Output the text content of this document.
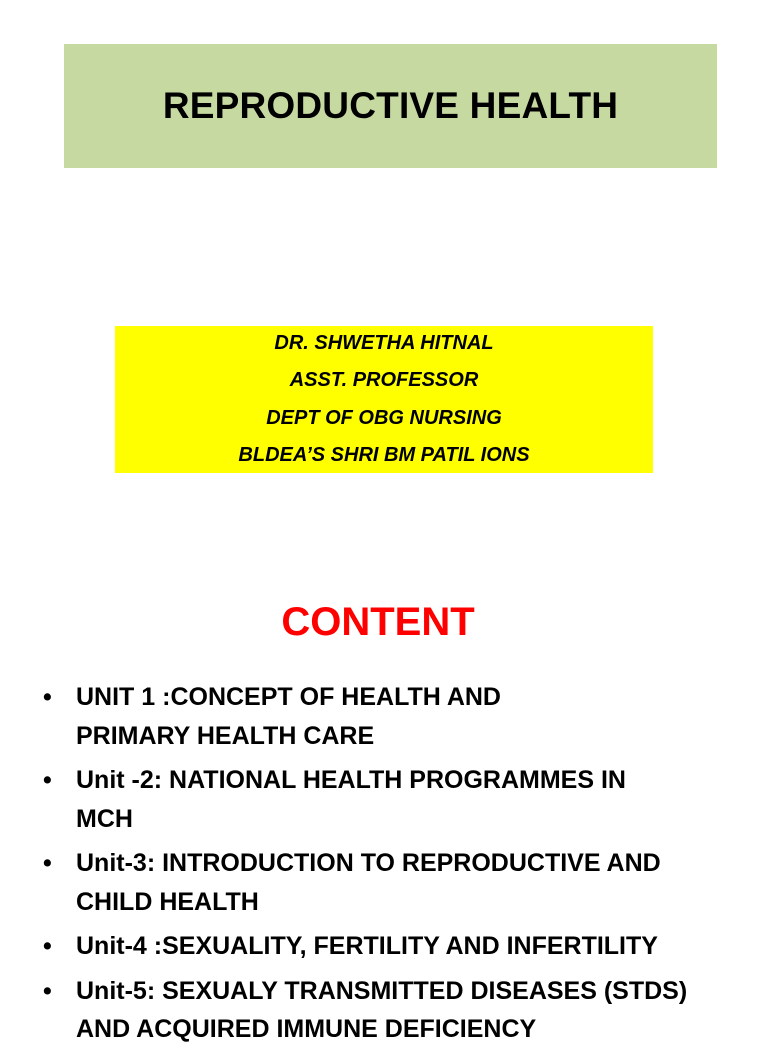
REPRODUCTIVE HEALTH
DR. SHWETHA HITNAL
ASST. PROFESSOR
DEPT OF OBG NURSING
BLDEA’S SHRI BM PATIL IONS
CONTENT
• UNIT 1 :CONCEPT OF HEALTH AND
PRIMARY HEALTH CARE
• Unit -2: NATIONAL HEALTH PROGRAMMES IN
MCH
• Unit-3: INTRODUCTION TO REPRODUCTIVE AND
CHILD HEALTH
• Unit-4 :SEXUALITY, FERTILITY AND INFERTILITY
• Unit-5: SEXUALY TRANSMITTED DISEASES (STDS)
AND ACQUIRED IMMUNE DEFICIENCY
